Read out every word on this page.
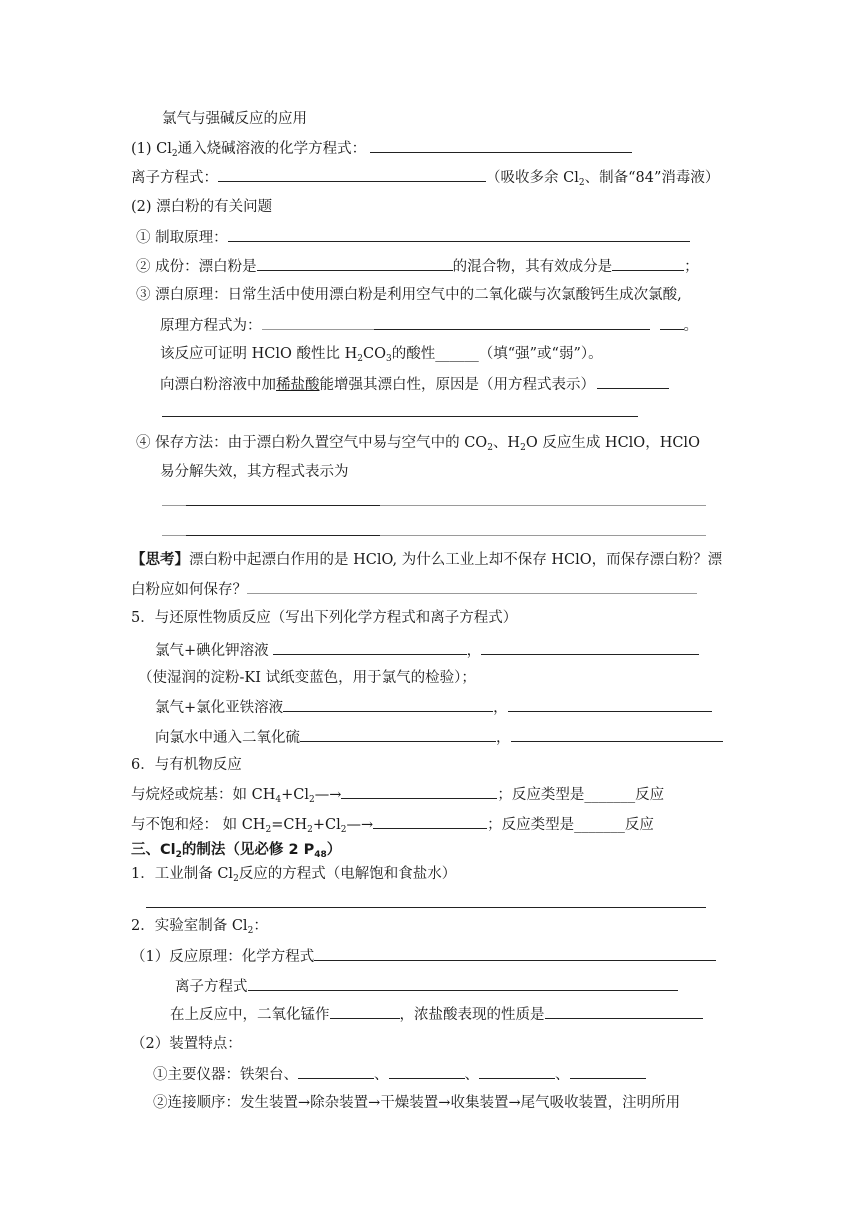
氯气与强碱反应的应用
(1) $Cl_2$通入烧碱溶液的化学方程式：
离子方程式：	（吸收多余 $Cl_2$、制备“84”消毒液）
(2) 漂白粉的有关问题
① 制取原理：
② 成份：漂白粉是	的混合物，其有效成分是	；
③ 漂白原理：日常生活中使用漂白粉是利用空气中的二氧化碳与次氯酸钙生成次氯酸,
原理方程式为：	。
该反应可证明 HClO 酸性比 $H_2CO_3$的酸性______（填“强”或“弱”）。
向漂白粉溶液中加稀盐酸能增强其漂白性，原因是（用方程式表示）
④ 保存方法：由于漂白粉久置空气中易与空气中的 $CO_2$、$H_2O$ 反应生成 HClO，HClO
易分解失效，其方程式表示为
【思考】漂白粉中起漂白作用的是 HClO, 为什么工业上却不保存 HClO，而保存漂白粉？漂
白粉应如何保存？
5．与还原性物质反应（写出下列化学方程式和离子方程式）
氯气+碘化钾溶液	，
（使湿润的淀粉-KI 试纸变蓝色，用于氯气的检验）；
氯气+氯化亚铁溶液	，
向氯水中通入二氧化硫	，
6．与有机物反应
与烷烃或烷基：如 $CH_4+Cl_2—\to$	；反应类型是_______反应
与不饱和烃： 如 $CH_2=CH_2+Cl_2—\to$	；反应类型是_______反应
三、$Cl_2$的制法（见必修 2 $P_{48}$）
1．工业制备 $Cl_2$反应的方程式（电解饱和食盐水）
2．实验室制备 $Cl_2$：
（1）反应原理：化学方程式
离子方程式
在上反应中，二氧化锰作	，浓盐酸表现的性质是
（2）装置特点：
①主要仪器：铁架台、	、	、	、
②连接顺序：发生装置→除杂装置→干燥装置→收集装置→尾气吸收装置，注明所用
